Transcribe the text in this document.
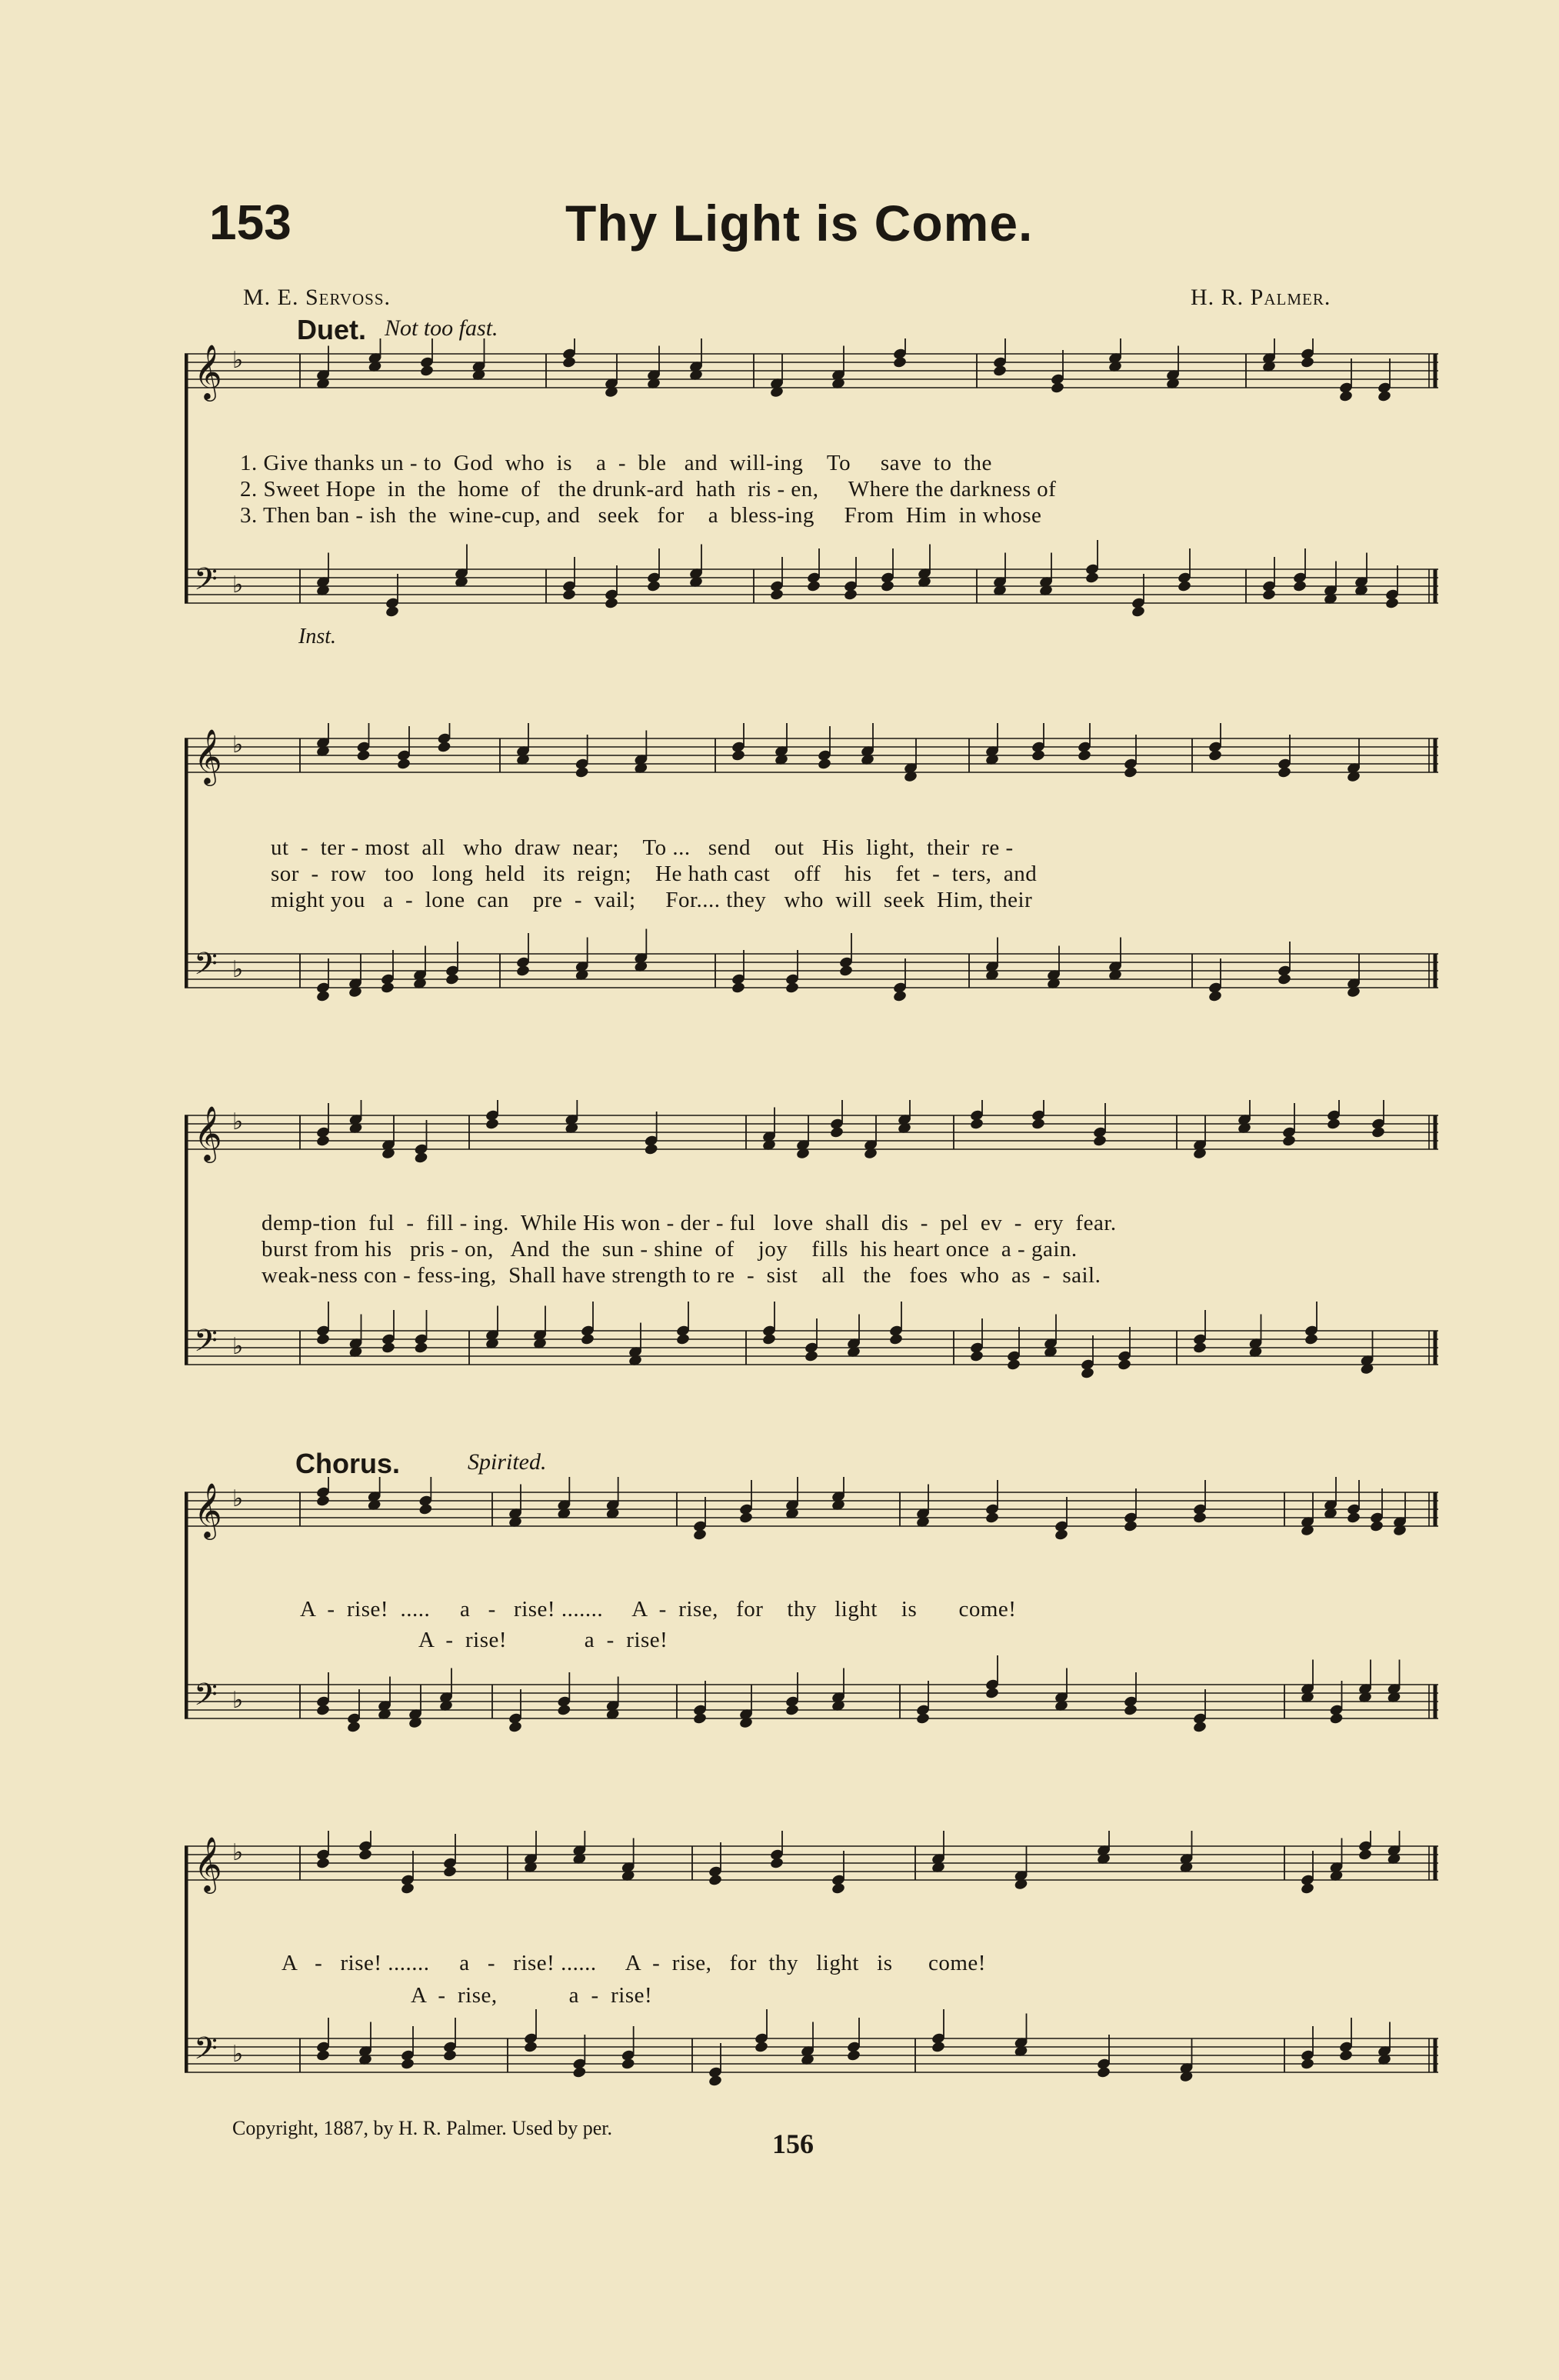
153	Thy Light is Come.
M. E. Servoss.	H. R. Palmer.
Duet. Not too fast.
𝄞
𝄢
♭
♭
1. Give thanks un - to  God  who  is    a  -  ble   and  will-ing    To     save  to  the
2. Sweet Hope  in  the  home  of   the drunk-ard  hath  ris - en,     Where the darkness of
3. Then ban - ish  the  wine-cup, and   seek   for    a  bless-ing     From  Him  in whose
Inst.
𝄞
𝄢
♭
♭
ut  -  ter - most  all   who  draw  near;    To ...   send    out   His  light,  their  re -
sor  -  row   too   long  held   its  reign;    He hath cast    off    his    fet  -  ters,  and
might you   a  -  lone  can    pre  -  vail;     For.... they   who  will  seek  Him, their
𝄞
𝄢
♭
♭
demp-tion  ful  -  fill - ing.  While His won - der - ful   love  shall  dis  -  pel  ev  -  ery  fear.
burst from his   pris - on,   And  the  sun - shine  of    joy    fills  his heart once  a - gain.
weak-ness con - fess-ing,  Shall have strength to re  -  sist    all   the   foes  who  as  -  sail.
Chorus.	Spirited.
𝄞
𝄢
♭
♭
A  -  rise!  .....     a   -   rise! .......     A  -  rise,   for    thy   light    is       come!
A  -  rise!             a  -  rise!
𝄞
𝄢
♭
♭
A   -   rise! .......     a   -   rise! ......     A  -  rise,   for  thy   light   is      come!
A  -  rise,            a  -  rise!
Copyright, 1887, by H. R. Palmer. Used by per.
156
